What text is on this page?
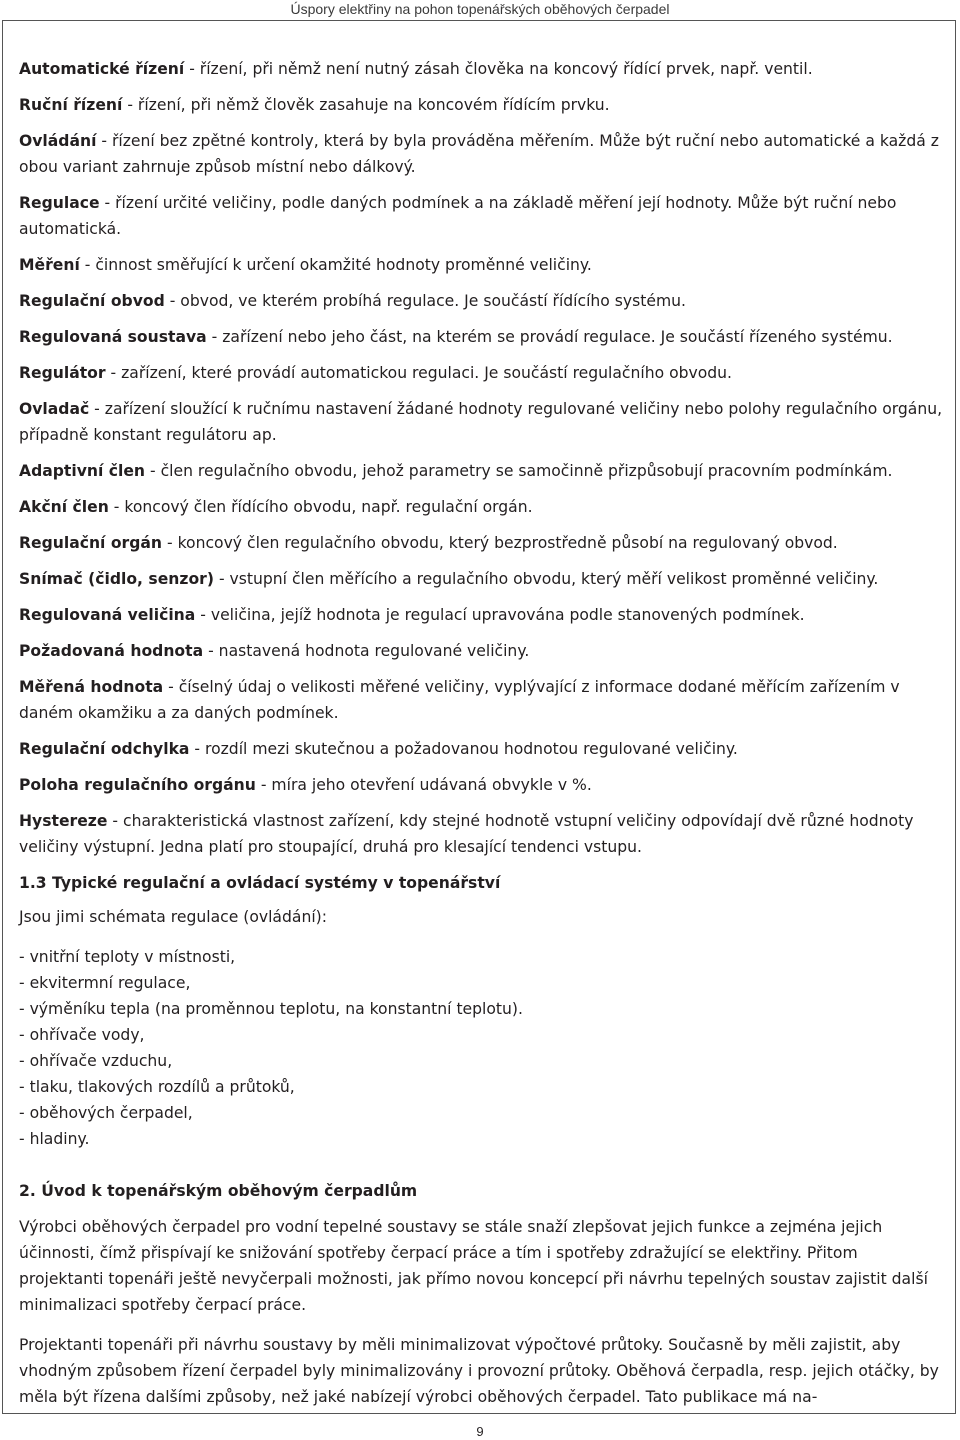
Úspory elektřiny na pohon topenářských oběhových čerpadel

Automatické řízení - řízení, při němž není nutný zásah člověka na koncový řídící prvek, např. ventil.

Ruční řízení - řízení, při němž člověk zasahuje na koncovém řídícím prvku.

Ovládání - řízení bez zpětné kontroly, která by byla prováděna měřením. Může být ruční nebo automatické a každá z obou variant zahrnuje způsob místní nebo dálkový.

Regulace - řízení určité veličiny, podle daných podmínek a na základě měření její hodnoty. Může být ruční nebo automatická.

Měření - činnost směřující k určení okamžité hodnoty proměnné veličiny.

Regulační obvod - obvod, ve kterém probíhá regulace. Je součástí řídícího systému.

Regulovaná soustava - zařízení nebo jeho část, na kterém se provádí regulace. Je součástí řízeného systému.

Regulátor - zařízení, které provádí automatickou regulaci. Je součástí regulačního obvodu.

Ovladač - zařízení sloužící k ručnímu nastavení žádané hodnoty regulované veličiny nebo polohy regulačního orgánu, případně konstant regulátoru ap.

Adaptivní člen - člen regulačního obvodu, jehož parametry se samočinně přizpůsobují pracovním podmínkám.

Akční člen - koncový člen řídícího obvodu, např. regulační orgán.

Regulační orgán - koncový člen regulačního obvodu, který bezprostředně působí na regulovaný obvod.

Snímač (čidlo, senzor) - vstupní člen měřícího a regulačního obvodu, který měří velikost proměnné veličiny.

Regulovaná veličina - veličina, jejíž hodnota je regulací upravována podle stanovených podmínek.

Požadovaná hodnota - nastavená hodnota regulované veličiny.

Měřená hodnota - číselný údaj o velikosti měřené veličiny, vyplývající z informace dodané měřícím zařízením v daném okamžiku a za daných podmínek.

Regulační odchylka - rozdíl mezi skutečnou a požadovanou hodnotou regulované veličiny.

Poloha regulačního orgánu - míra jeho otevření udávaná obvykle v %.

Hystereze - charakteristická vlastnost zařízení, kdy stejné hodnotě vstupní veličiny odpovídají dvě různé hodnoty veličiny výstupní. Jedna platí pro stoupající, druhá pro klesající tendenci vstupu.

1.3 Typické regulační a ovládací systémy v topenářství
Jsou jimi schémata regulace (ovládání):
- vnitřní teploty v místnosti,
- ekvitermní regulace,
- výměníku tepla (na proměnnou teplotu, na konstantní teplotu).
- ohřívače vody,
- ohřívače vzduchu,
- tlaku, tlakových rozdílů a průtoků,
- oběhových čerpadel,
- hladiny.
2. Úvod k topenářským oběhovým čerpadlům
Výrobci oběhových čerpadel pro vodní tepelné soustavy se stále snaží zlepšovat jejich funkce a zejména jejich účinnosti, čímž přispívají ke snižování spotřeby čerpací práce a tím i spotřeby zdražující se elektřiny. Přitom projektanti topenáři ještě nevyčerpali možnosti, jak přímo novou koncepcí při návrhu tepelných soustav zajistit další minimalizaci spotřeby čerpací práce.
Projektanti topenáři při návrhu soustavy by měli minimalizovat výpočtové průtoky. Současně by měli zajistit, aby vhodným způsobem řízení čerpadel byly minimalizovány i provozní průtoky. Oběhová čerpadla, resp. jejich otáčky, by měla být řízena dalšími způsoby, než jaké nabízejí výrobci oběhových čerpadel. Tato publikace má na-
9
